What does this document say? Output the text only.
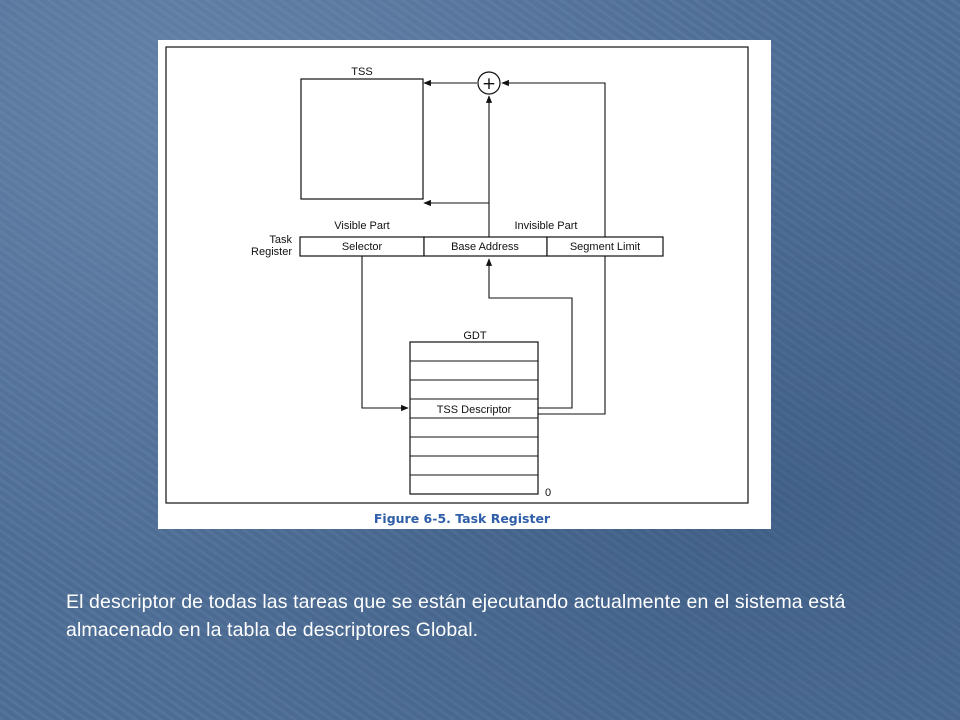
TSS
+
Visible Part	Invisible Part
Task
Register	Selector	Base Address	Segment Limit
GDT
TSS Descriptor
0
Figure 6-5. Task Register
El descriptor de todas las tareas que se están ejecutando actualmente en el sistema está almacenado en la tabla de descriptores Global.
